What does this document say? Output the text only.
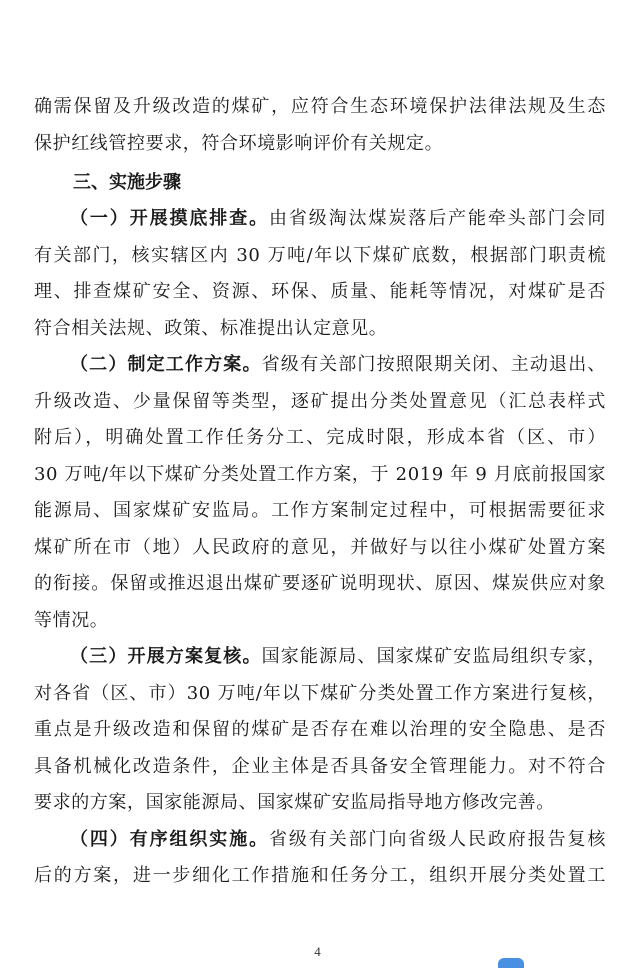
确需保留及升级改造的煤矿，应符合生态环境保护法律法规及生态
保护红线管控要求，符合环境影响评价有关规定。
三、实施步骤
（一）开展摸底排查。由省级淘汰煤炭落后产能牵头部门会同
有关部门，核实辖区内 30 万吨/年以下煤矿底数，根据部门职责梳
理、排查煤矿安全、资源、环保、质量、能耗等情况，对煤矿是否
符合相关法规、政策、标准提出认定意见。
（二）制定工作方案。省级有关部门按照限期关闭、主动退出、
升级改造、少量保留等类型，逐矿提出分类处置意见（汇总表样式
附后），明确处置工作任务分工、完成时限，形成本省（区、市）
30 万吨/年以下煤矿分类处置工作方案，于 2019 年 9 月底前报国家
能源局、国家煤矿安监局。工作方案制定过程中，可根据需要征求
煤矿所在市（地）人民政府的意见，并做好与以往小煤矿处置方案
的衔接。保留或推迟退出煤矿要逐矿说明现状、原因、煤炭供应对象
等情况。
（三）开展方案复核。国家能源局、国家煤矿安监局组织专家，
对各省（区、市）30 万吨/年以下煤矿分类处置工作方案进行复核，
重点是升级改造和保留的煤矿是否存在难以治理的安全隐患、是否
具备机械化改造条件，企业主体是否具备安全管理能力。对不符合
要求的方案，国家能源局、国家煤矿安监局指导地方修改完善。
（四）有序组织实施。省级有关部门向省级人民政府报告复核
后的方案，进一步细化工作措施和任务分工，组织开展分类处置工
4
